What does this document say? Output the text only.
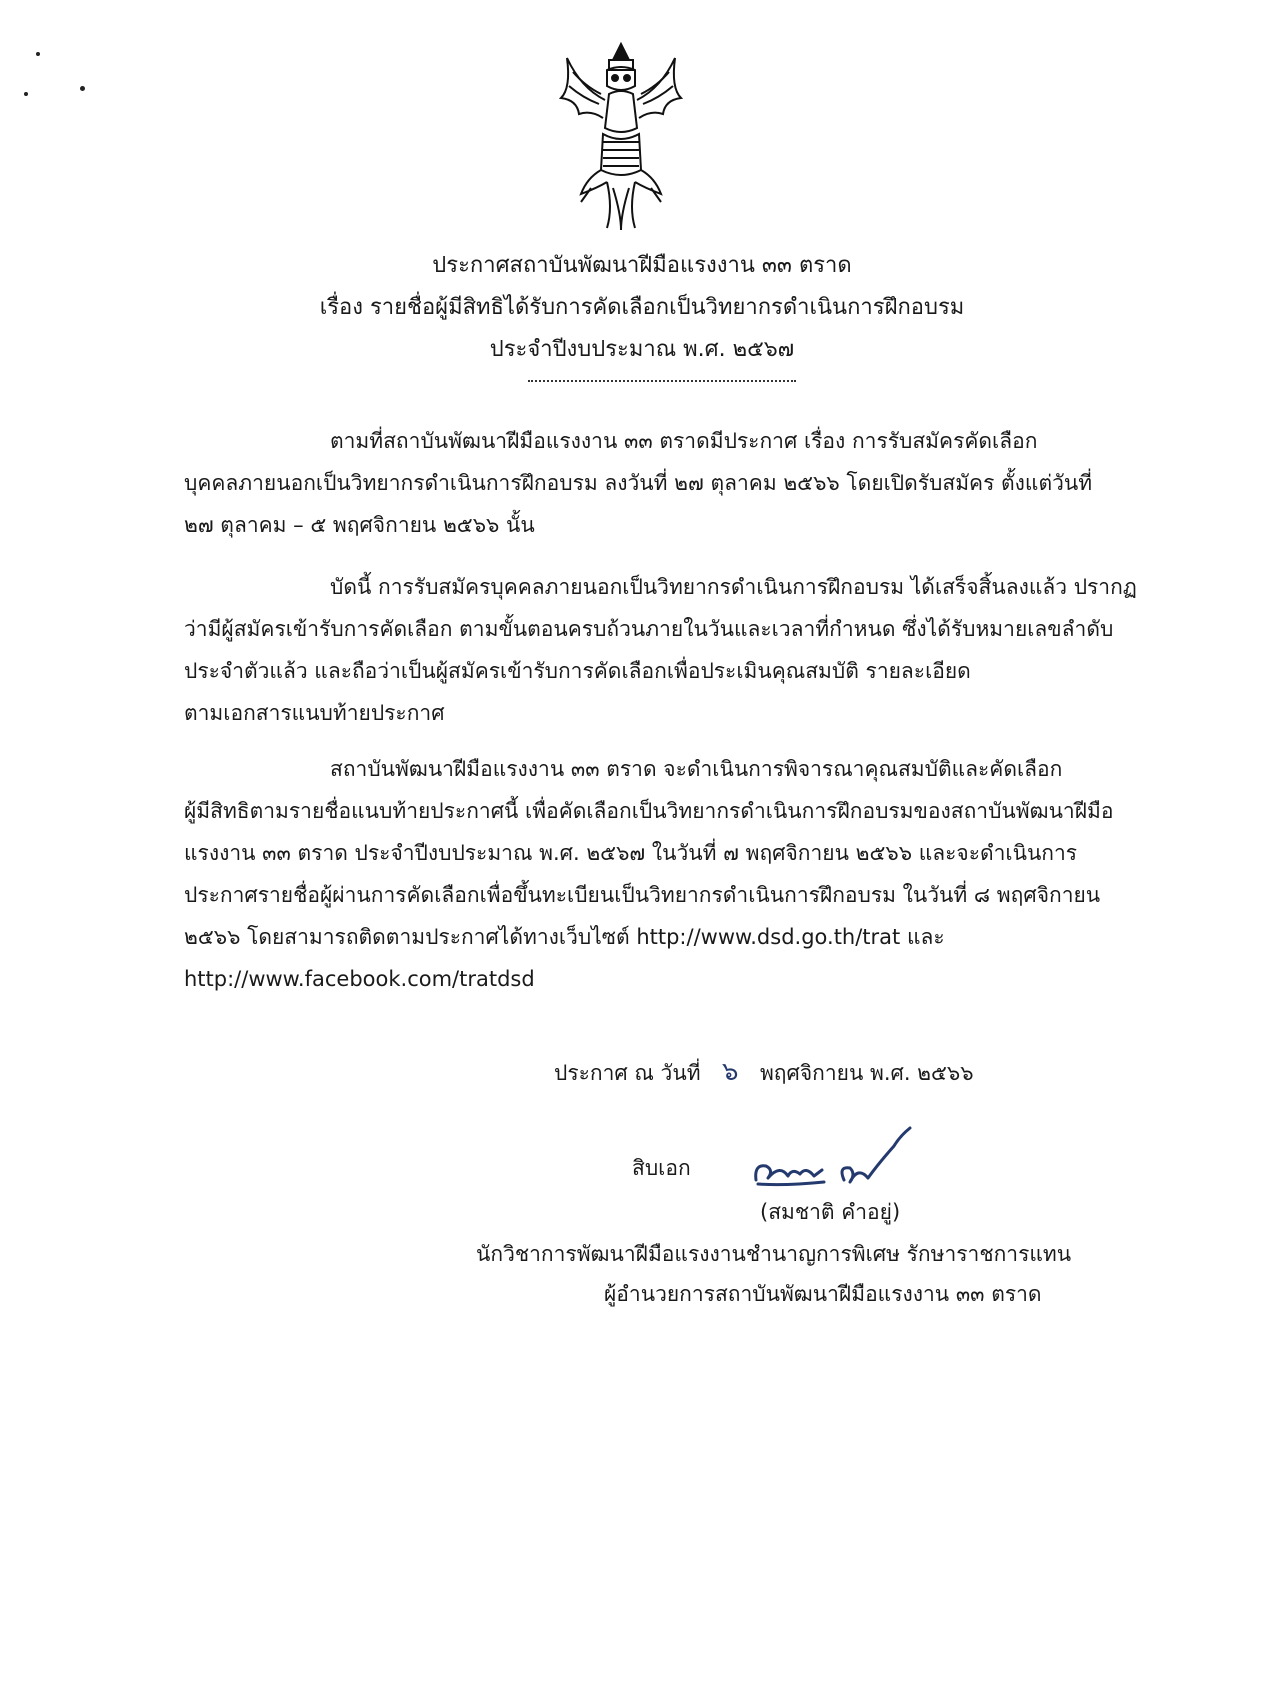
ประกาศสถาบันพัฒนาฝีมือแรงงาน ๓๓ ตราด
เรื่อง รายชื่อผู้มีสิทธิได้รับการคัดเลือกเป็นวิทยากรดำเนินการฝึกอบรม
ประจำปีงบประมาณ พ.ศ. ๒๕๖๗
ตามที่สถาบันพัฒนาฝีมือแรงงาน ๓๓ ตราดมีประกาศ เรื่อง การรับสมัครคัดเลือก
บุคคลภายนอกเป็นวิทยากรดำเนินการฝึกอบรม ลงวันที่ ๒๗ ตุลาคม ๒๕๖๖ โดยเปิดรับสมัคร ตั้งแต่วันที่
๒๗ ตุลาคม – ๕ พฤศจิกายน ๒๕๖๖ นั้น
บัดนี้ การรับสมัครบุคคลภายนอกเป็นวิทยากรดำเนินการฝึกอบรม ได้เสร็จสิ้นลงแล้ว ปรากฏ
ว่ามีผู้สมัครเข้ารับการคัดเลือก ตามขั้นตอนครบถ้วนภายในวันและเวลาที่กำหนด ซึ่งได้รับหมายเลขลำดับ
ประจำตัวแล้ว และถือว่าเป็นผู้สมัครเข้ารับการคัดเลือกเพื่อประเมินคุณสมบัติ รายละเอียด
ตามเอกสารแนบท้ายประกาศ
สถาบันพัฒนาฝีมือแรงงาน ๓๓ ตราด จะดำเนินการพิจารณาคุณสมบัติและคัดเลือก
ผู้มีสิทธิตามรายชื่อแนบท้ายประกาศนี้ เพื่อคัดเลือกเป็นวิทยากรดำเนินการฝึกอบรมของสถาบันพัฒนาฝีมือ
แรงงาน ๓๓ ตราด ประจำปีงบประมาณ พ.ศ. ๒๕๖๗ ในวันที่ ๗ พฤศจิกายน ๒๕๖๖ และจะดำเนินการ
ประกาศรายชื่อผู้ผ่านการคัดเลือกเพื่อขึ้นทะเบียนเป็นวิทยากรดำเนินการฝึกอบรม ในวันที่ ๘ พฤศจิกายน
๒๕๖๖ โดยสามารถติดตามประกาศได้ทางเว็บไซต์ http://www.dsd.go.th/trat และ
http://www.facebook.com/tratdsd
ประกาศ ณ วันที่ ๖ พฤศจิกายน พ.ศ. ๒๕๖๖
สิบเอก
(สมชาติ คำอยู่)
นักวิชาการพัฒนาฝีมือแรงงานชำนาญการพิเศษ รักษาราชการแทน
ผู้อำนวยการสถาบันพัฒนาฝีมือแรงงาน ๓๓ ตราด
